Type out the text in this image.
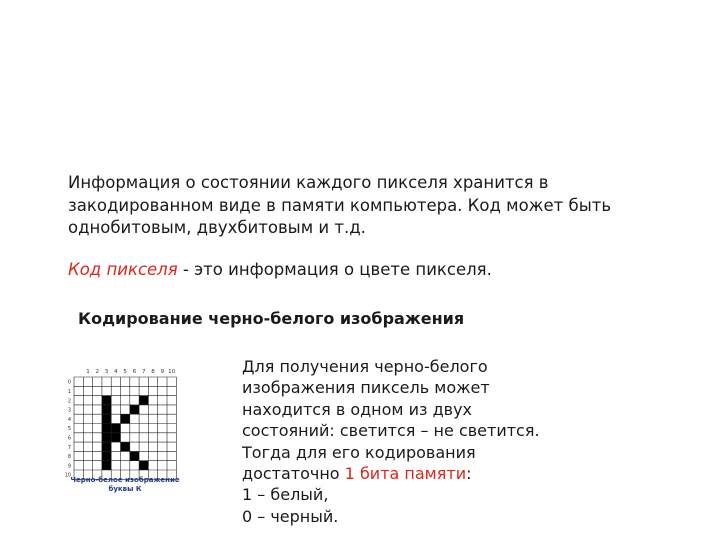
Информация о состоянии каждого пикселя хранится в

закодированном виде в памяти компьютера. Код может быть

однобитовым, двухбитовым и т.д.

Код пикселя - это информация о цвете пикселя.
Кодирование черно-белого изображения
1 2 3 4 5 6 7 8 9 10
0
1
2
3
4
5
6
7
8
9
10
Черно-белое изображение
буквы К
Для получения черно-белого
изображения пиксель может
находится в одном из двух
состояний: светится – не светится.
Тогда для его кодирования
достаточно 1 бита памяти:
1 – белый,
0 – черный.
